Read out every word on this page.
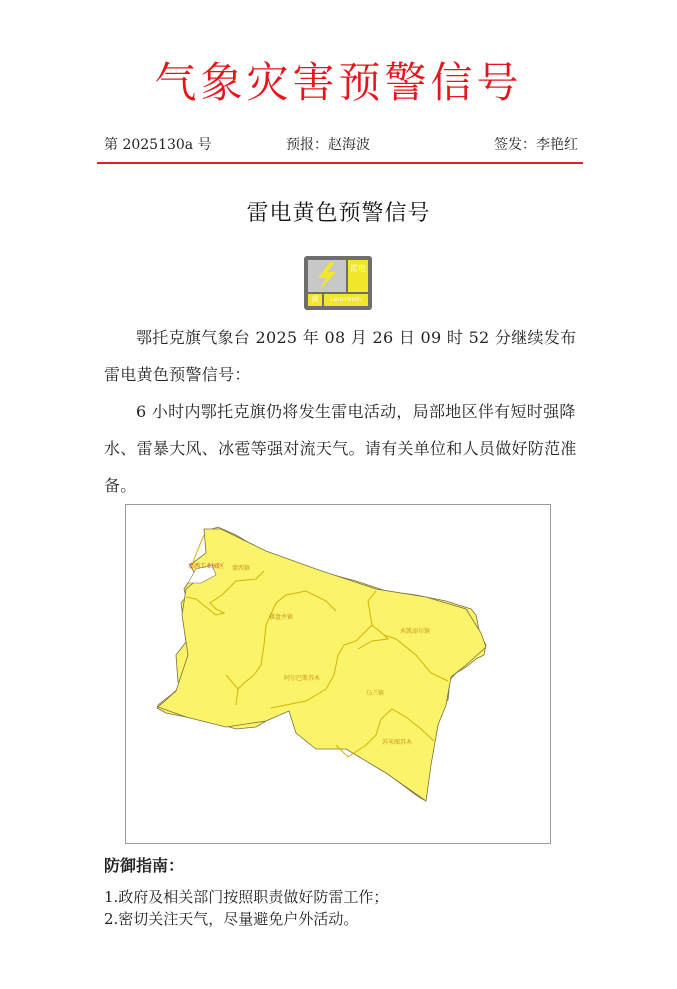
气象灾害预警信号
第 2025130a 号	预报：赵海波	签发：李艳红
雷电黄色预警信号
雷电
黄	LIGHTNING
鄂托克旗气象台 2025 年 08 月 26 日 09 时 52 分继续发布雷电黄色预警信号：
6 小时内鄂托克旗仍将发生雷电活动，局部地区伴有短时强降水、雷暴大风、冰雹等强对流天气。请有关单位和人员做好防范准备。
蒙西工业园区 蒙西镇
棋盘井镇
木凯淖尔镇
阿尔巴斯苏木
乌兰镇
苏米图苏木
防御指南：
1.政府及相关部门按照职责做好防雷工作；
2.密切关注天气，尽量避免户外活动。
